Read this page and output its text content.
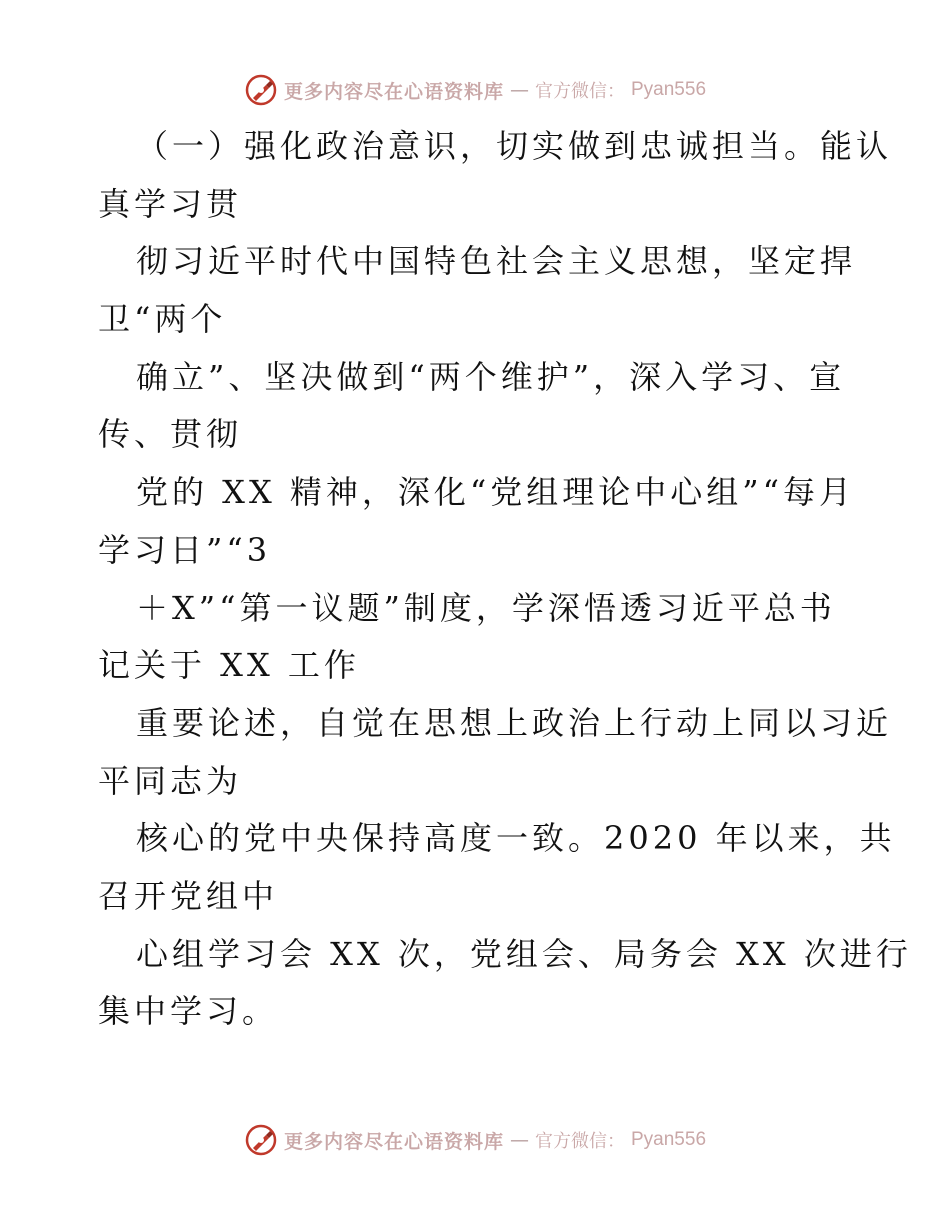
更多内容尽在心语资料库 — 官方微信： Pyan556
（一）强化政治意识，切实做到忠诚担当。能认
真学习贯
彻习近平时代中国特色社会主义思想，坚定捍
卫“两个
确立”、坚决做到“两个维护”，深入学习、宣
传、贯彻
党的 XX 精神，深化“党组理论中心组”“每月
学习日”“3
＋X”“第一议题”制度，学深悟透习近平总书
记关于 XX 工作
重要论述，自觉在思想上政治上行动上同以习近
平同志为
核心的党中央保持高度一致。2020 年以来，共
召开党组中
心组学习会 XX 次，党组会、局务会 XX 次进行
集中学习。
更多内容尽在心语资料库 — 官方微信： Pyan556
